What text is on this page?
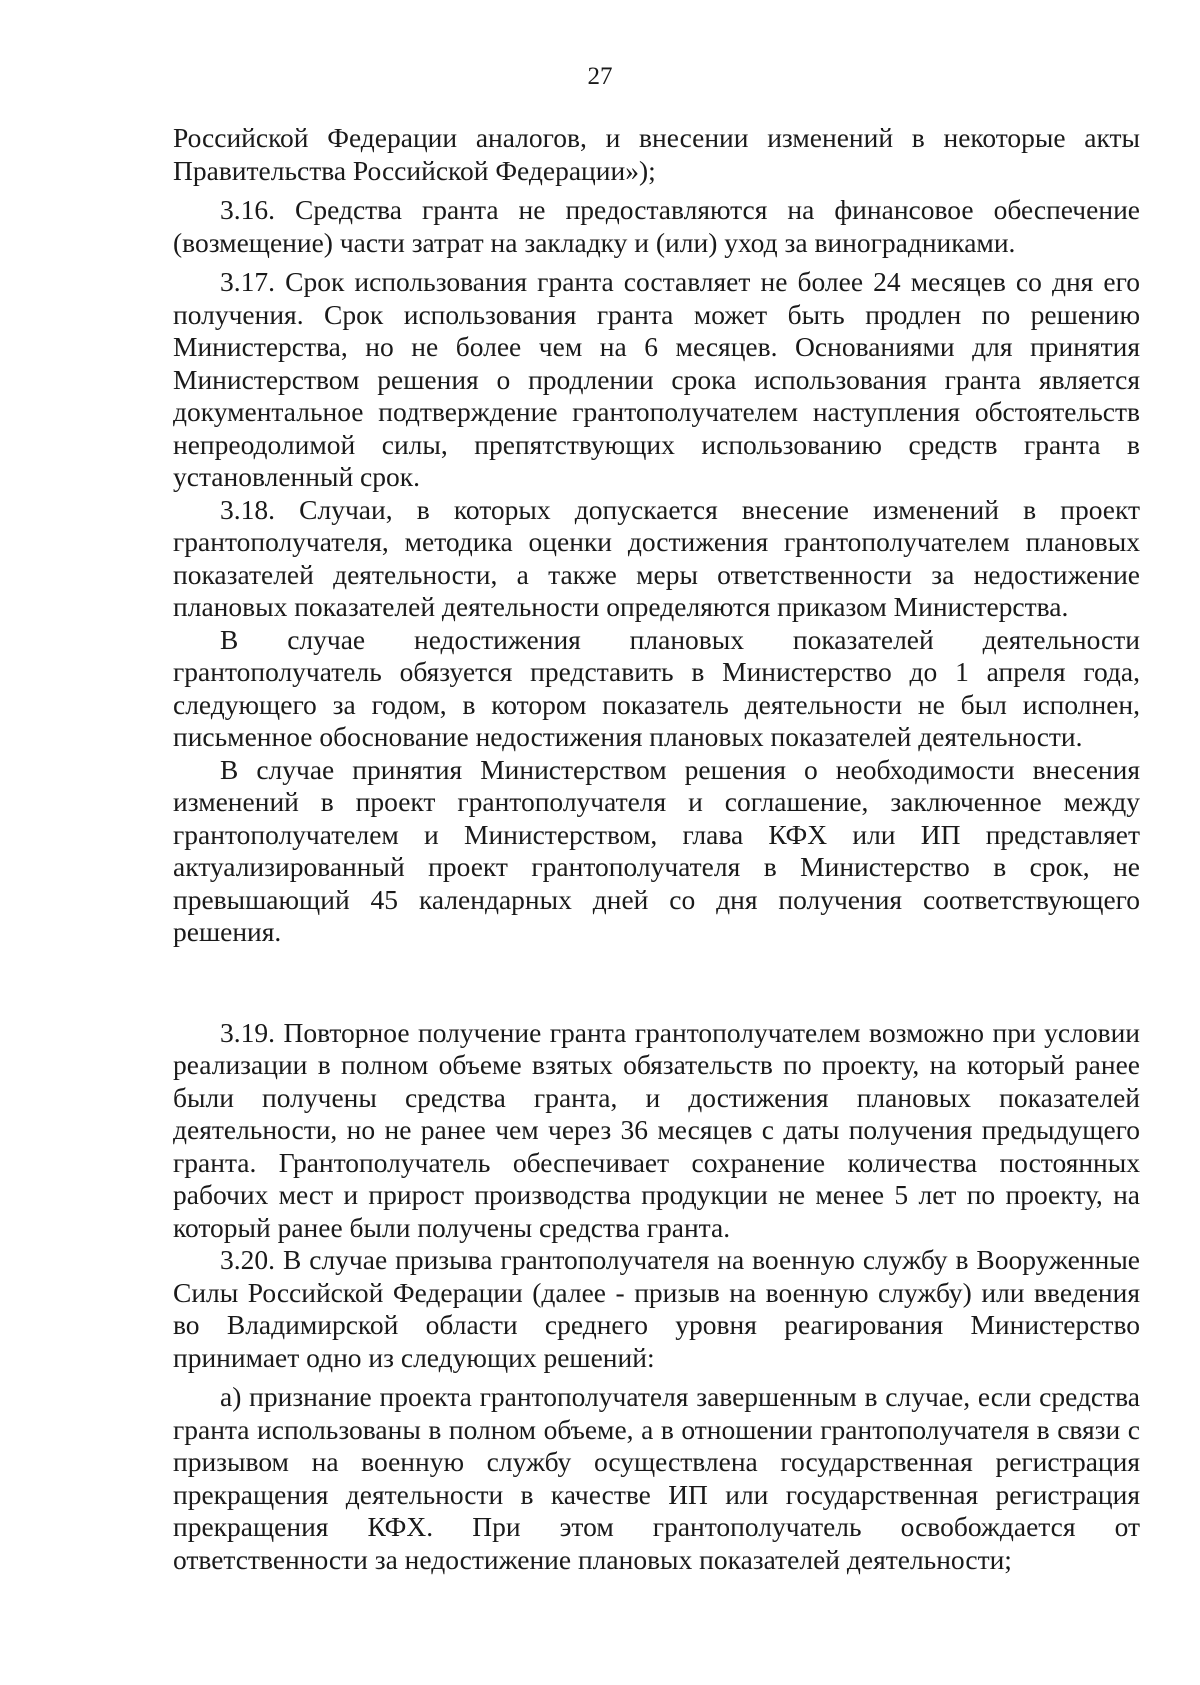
27

Российской Федерации аналогов, и внесении изменений в некоторые акты Правительства Российской Федерации»);

3.16. Средства гранта не предоставляются на финансовое обеспечение (возмещение) части затрат на закладку и (или) уход за виноградниками.

3.17. Срок использования гранта составляет не более 24 месяцев со дня его получения. Срок использования гранта может быть продлен по решению Министерства, но не более чем на 6 месяцев. Основаниями для принятия Министерством решения о продлении срока использования гранта является документальное подтверждение грантополучателем наступления обстоятельств непреодолимой силы, препятствующих использованию средств гранта в установленный срок.

3.18. Случаи, в которых допускается внесение изменений в проект грантополучателя, методика оценки достижения грантополучателем плановых показателей деятельности, а также меры ответственности за недостижение плановых показателей деятельности определяются приказом Министерства.

В случае недостижения плановых показателей деятельности грантополучатель обязуется представить в Министерство до 1 апреля года, следующего за годом, в котором показатель деятельности не был исполнен, письменное обоснование недостижения плановых показателей деятельности.

В случае принятия Министерством решения о необходимости внесения изменений в проект грантополучателя и соглашение, заключенное между грантополучателем и Министерством, глава КФХ или ИП представляет актуализированный проект грантополучателя в Министерство в срок, не превышающий 45 календарных дней со дня получения соответствующего решения.

3.19. Повторное получение гранта грантополучателем возможно при условии реализации в полном объеме взятых обязательств по проекту, на который ранее были получены средства гранта, и достижения плановых показателей деятельности, но не ранее чем через 36 месяцев с даты получения предыдущего гранта. Грантополучатель обеспечивает сохранение количества постоянных рабочих мест и прирост производства продукции не менее 5 лет по проекту, на который ранее были получены средства гранта.

3.20. В случае призыва грантополучателя на военную службу в Вооруженные Силы Российской Федерации (далее - призыв на военную службу) или введения во Владимирской области среднего уровня реагирования Министерство принимает одно из следующих решений:

а) признание проекта грантополучателя завершенным в случае, если средства гранта использованы в полном объеме, а в отношении грантополучателя в связи с призывом на военную службу осуществлена государственная регистрация прекращения деятельности в качестве ИП или государственная регистрация прекращения КФХ. При этом грантополучатель освобождается от ответственности за недостижение плановых показателей деятельности;
